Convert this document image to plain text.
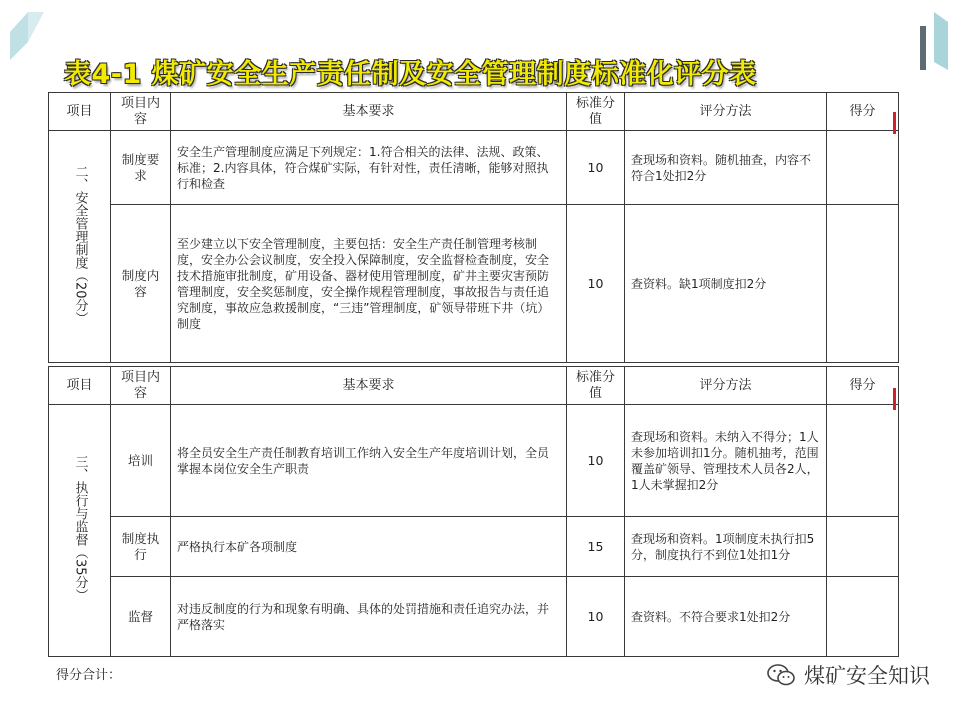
表4-1 煤矿安全生产责任制及安全管理制度标准化评分表
项目	项目内容	基本要求	标准分值	评分方法	得分
二、安全管理制度（20分）	制度要求	安全生产管理制度应满足下列规定：1.符合相关的法律、法规、政策、标准；2.内容具体，符合煤矿实际，有针对性，责任清晰，能够对照执行和检查	10	查现场和资料。随机抽查，内容不符合1处扣2分	
	制度内容	至少建立以下安全管理制度，主要包括：安全生产责任制管理考核制度，安全办公会议制度，安全投入保障制度，安全监督检查制度，安全技术措施审批制度，矿用设备、器材使用管理制度，矿井主要灾害预防管理制度，安全奖惩制度，安全操作规程管理制度，事故报告与责任追究制度，事故应急救援制度，“三违”管理制度，矿领导带班下井（坑）制度	10	查资料。缺1项制度扣2分	
项目	项目内容	基本要求	标准分值	评分方法	得分
三、执行与监督（35分）	培训	将全员安全生产责任制教育培训工作纳入安全生产年度培训计划，全员掌握本岗位安全生产职责	10	查现场和资料。未纳入不得分；1人未参加培训扣1分。随机抽考，范围覆盖矿领导、管理技术人员各2人，1人未掌握扣2分	
	制度执行	严格执行本矿各项制度	15	查现场和资料。1项制度未执行扣5分，制度执行不到位1处扣1分	
	监督	对违反制度的行为和现象有明确、具体的处罚措施和责任追究办法，并严格落实	10	查资料。不符合要求1处扣2分	
得分合计：	煤矿安全知识
